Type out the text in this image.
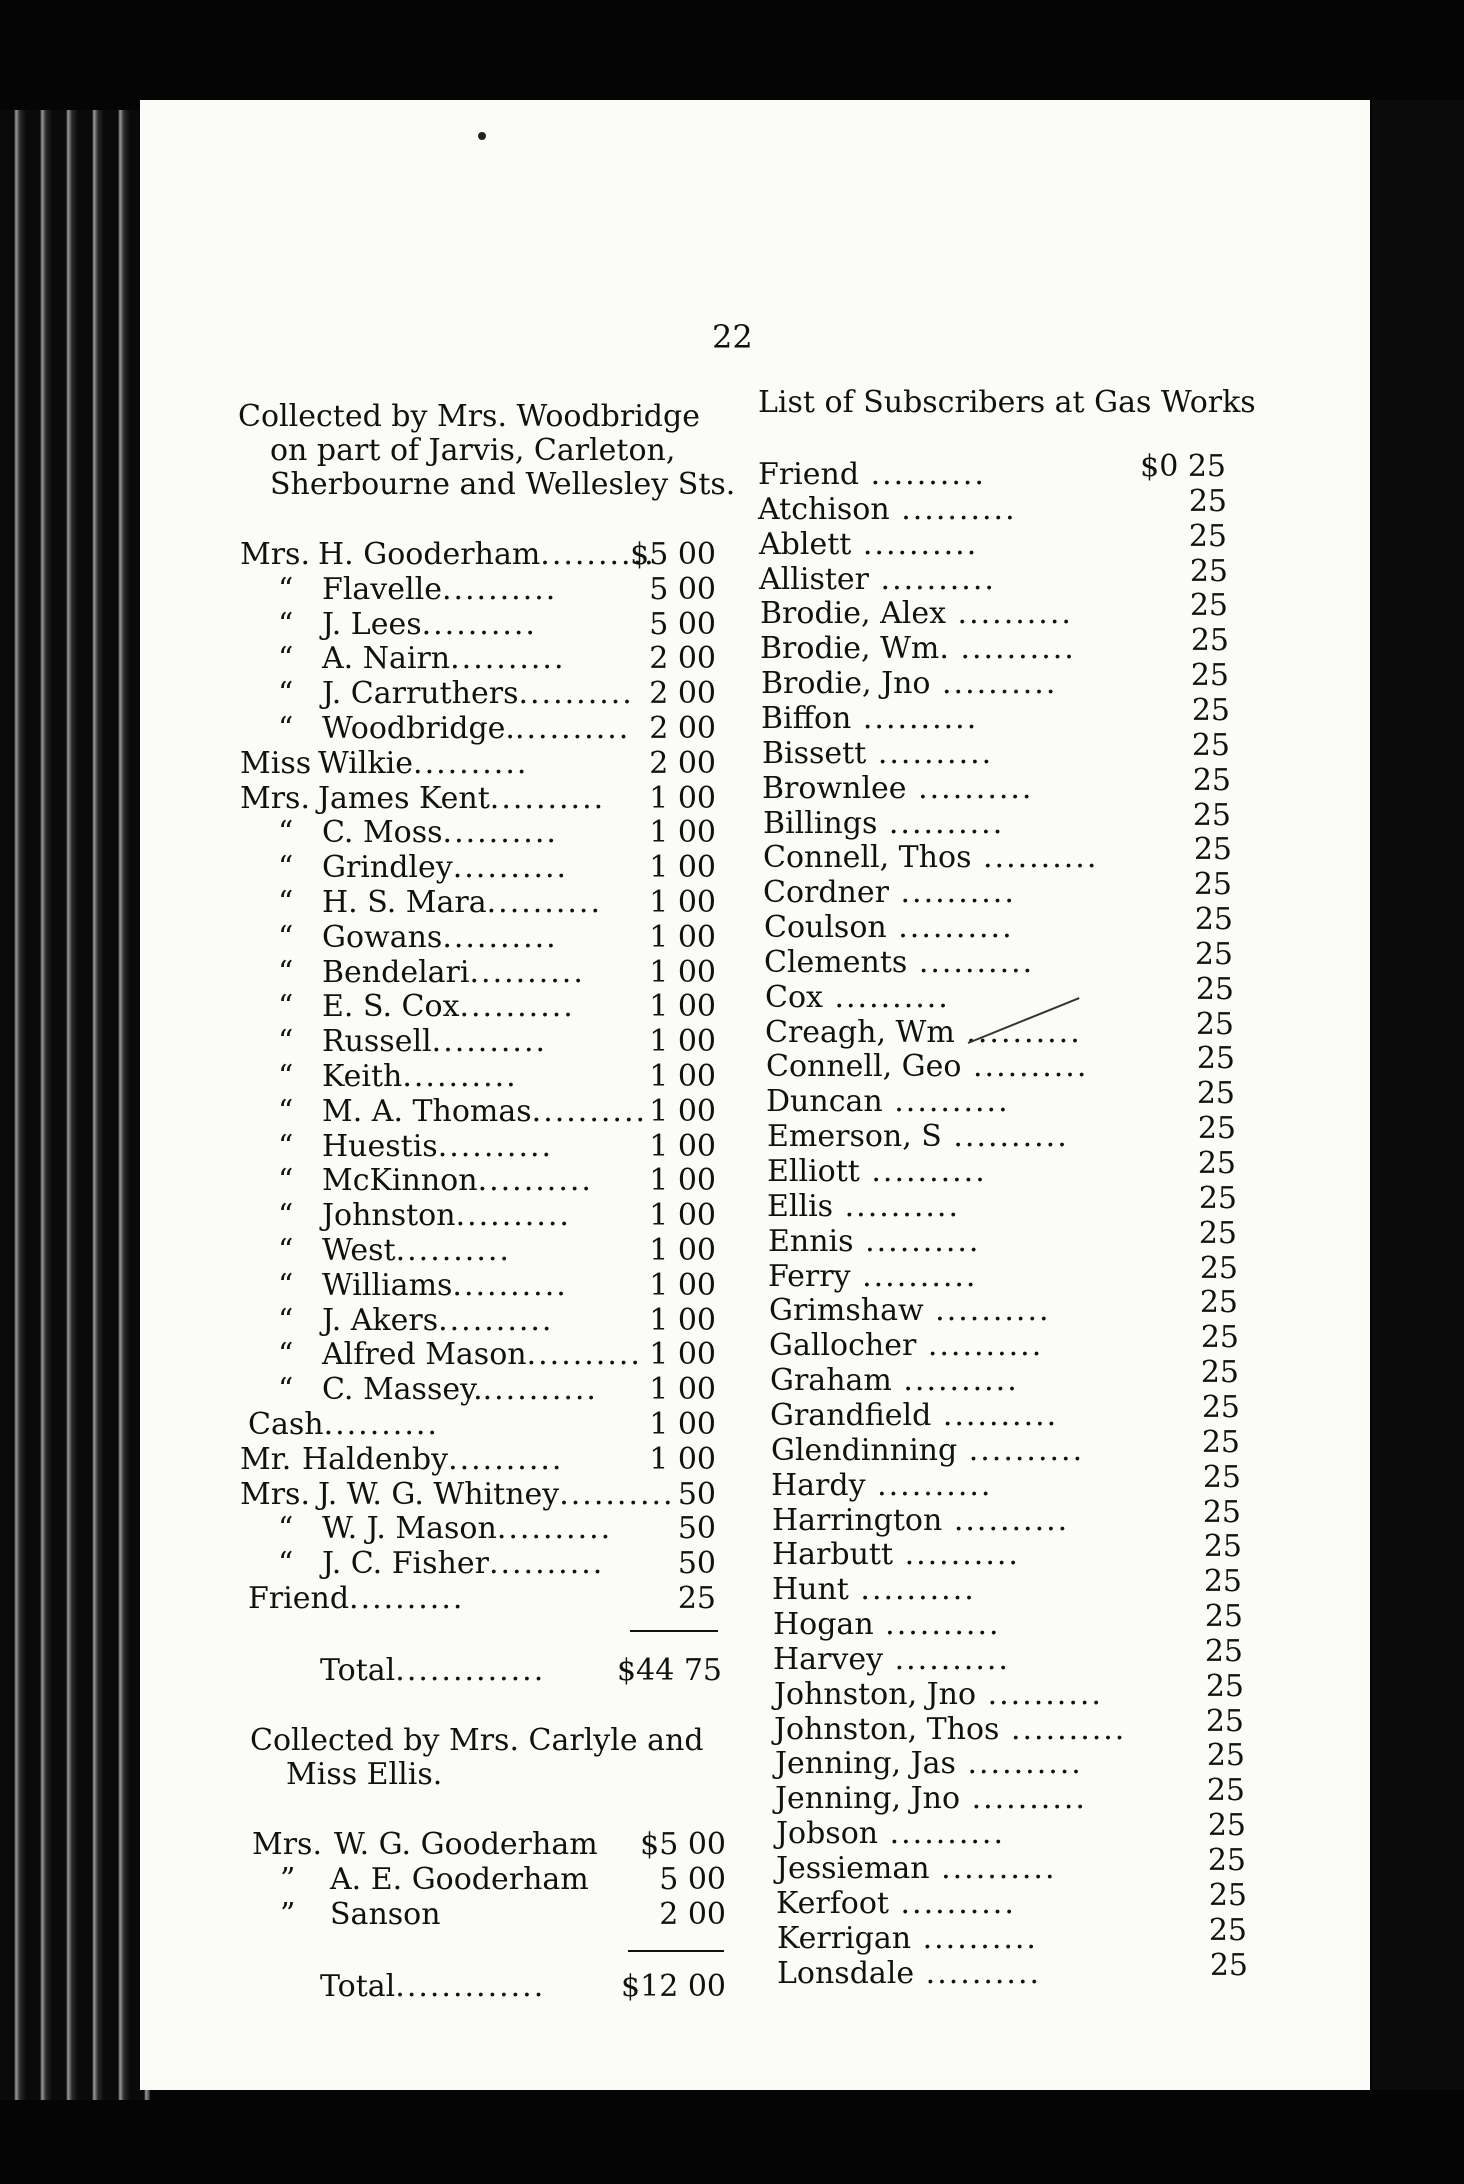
22
Collected by Mrs. Woodbridge
on part of Jarvis, Carleton,
Sherbourne and Wellesley Sts.
Mrs. H. Gooderham..........
$5 00
“ Flavelle..........	5 00
“ J. Lees..........	5 00
“ A. Nairn..........	2 00
“ J. Carruthers.......... 2 00
“ Woodbridge........... 2 00
Miss Wilkie..........	2 00
Mrs. James Kent..........	1 00
“ C. Moss..........	1 00
“ Grindley..........	1 00
“ H. S. Mara..........	1 00
“ Gowans..........	1 00
“ Bendelari..........	1 00
“ E. S. Cox..........	1 00
“ Russell..........	1 00
“ Keith..........	1 00
“ M. A. Thomas.......... 1 00
“ Huestis..........	1 00
“ McKinnon..........	1 00
“ Johnston..........	1 00
“ West..........	1 00
“ Williams..........	1 00
“ J. Akers..........	1 00
“ Alfred Mason.......... 1 00
“ C. Massey...........	1 00
Cash..........	1 00
Mr. Haldenby..........	1 00
Mrs. J. W. G. Whitney.......... 50
“ W. J. Mason..........	50
“ J. C. Fisher..........	50
Friend..........	25
Total.............	$44 75
Collected by Mrs. Carlyle and
Miss Ellis.
Mrs. W. G. Gooderham	$5 00
” A. E. Gooderham	5 00
” Sanson	2 00
Total.............	$12 00
List of Subscribers at Gas Works
Friend ..........	$0 25
Atchison ..........	25
Ablett ..........	25
Allister ..........	25
Brodie, Alex ..........	25
Brodie, Wm. ..........	25
Brodie, Jno ..........	25
Biffon ..........	25
Bissett ..........	25
Brownlee ..........	25
Billings ..........	25
Connell, Thos ..........	25
Cordner ..........	25
Coulson ..........	25
Clements ..........	25
Cox ..........	25
Creagh, Wm ..........	25
Connell, Geo ..........	25
Duncan ..........	25
Emerson, S ..........	25
Elliott ..........	25
Ellis ..........	25
Ennis ..........	25
Ferry ..........	25
Grimshaw ..........	25
Gallocher ..........	25
Graham ..........	25
Grandfield ..........	25
Glendinning ..........	25
Hardy ..........	25
Harrington ..........	25
Harbutt ..........	25
Hunt ..........	25
Hogan ..........	25
Harvey ..........	25
Johnston, Jno ..........	25
Johnston, Thos ..........	25
Jenning, Jas ..........	25
Jenning, Jno ..........	25
Jobson ..........	25
Jessieman ..........	25
Kerfoot ..........	25
Kerrigan ..........	25
Lonsdale ..........	25
